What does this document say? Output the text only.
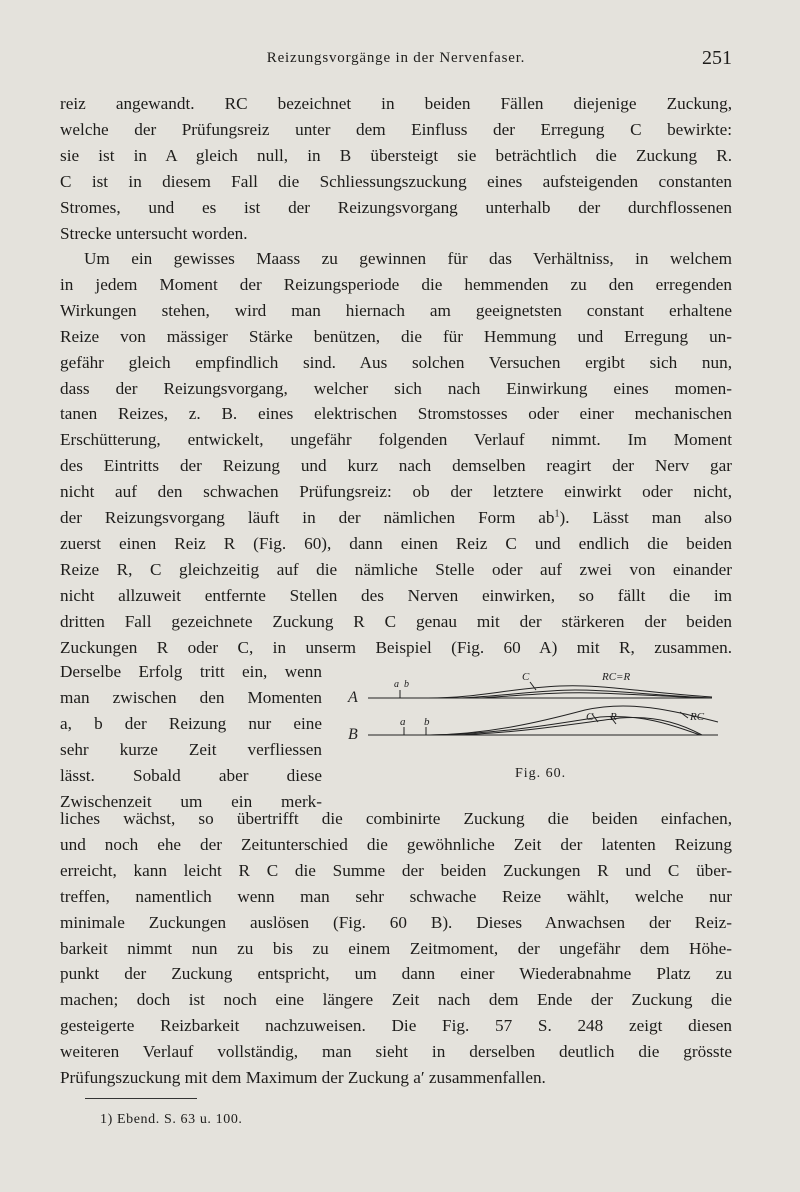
Reizungsvorgänge in der Nervenfaser.	251
reiz angewandt. RC bezeichnet in beiden Fällen diejenige Zuckung,
welche der Prüfungsreiz unter dem Einfluss der Erregung C bewirkte:
sie ist in A gleich null, in B übersteigt sie beträchtlich die Zuckung R.
C ist in diesem Fall die Schliessungszuckung eines aufsteigenden constanten
Stromes, und es ist der Reizungsvorgang unterhalb der durchflossenen
Strecke untersucht worden.
Um ein gewisses Maass zu gewinnen für das Verhältniss, in welchem
in jedem Moment der Reizungsperiode die hemmenden zu den erregenden
Wirkungen stehen, wird man hiernach am geeignetsten constant erhaltene
Reize von mässiger Stärke benützen, die für Hemmung und Erregung un-
gefähr gleich empfindlich sind. Aus solchen Versuchen ergibt sich nun,
dass der Reizungsvorgang, welcher sich nach Einwirkung eines momen-
tanen Reizes, z. B. eines elektrischen Stromstosses oder einer mechanischen
Erschütterung, entwickelt, ungefähr folgenden Verlauf nimmt. Im Moment
des Eintritts der Reizung und kurz nach demselben reagirt der Nerv gar
nicht auf den schwachen Prüfungsreiz: ob der letztere einwirkt oder nicht,
der Reizungsvorgang läuft in der nämlichen Form $ab^1$). Lässt man also
zuerst einen Reiz R (Fig. 60), dann einen Reiz C und endlich die beiden
Reize R, C gleichzeitig auf die nämliche Stelle oder auf zwei von einander
nicht allzuweit entfernte Stellen des Nerven einwirken, so fällt die im
dritten Fall gezeichnete Zuckung R C genau mit der stärkeren der beiden
Zuckungen R oder C, in unserm Beispiel (Fig. 60 A) mit R, zusammen.
Derselbe Erfolg tritt ein, wenn
man zwischen den Momenten
a, b der Reizung nur eine
sehr kurze Zeit verfliessen
lässt. Sobald aber diese
Zwischenzeit um ein merk-
A
B
a b
a b
C	RC=R
C R	RC
Fig. 60.
liches wächst, so übertrifft die combinirte Zuckung die beiden einfachen,
und noch ehe der Zeitunterschied die gewöhnliche Zeit der latenten Reizung
erreicht, kann leicht R C die Summe der beiden Zuckungen R und C über-
treffen, namentlich wenn man sehr schwache Reize wählt, welche nur
minimale Zuckungen auslösen (Fig. 60 B). Dieses Anwachsen der Reiz-
barkeit nimmt nun zu bis zu einem Zeitmoment, der ungefähr dem Höhe-
punkt der Zuckung entspricht, um dann einer Wiederabnahme Platz zu
machen; doch ist noch eine längere Zeit nach dem Ende der Zuckung die
gesteigerte Reizbarkeit nachzuweisen. Die Fig. 57 S. 248 zeigt diesen
weiteren Verlauf vollständig, man sieht in derselben deutlich die grösste
Prüfungszuckung mit dem Maximum der Zuckung a′ zusammenfallen.
1) Ebend. S. 63 u. 100.
